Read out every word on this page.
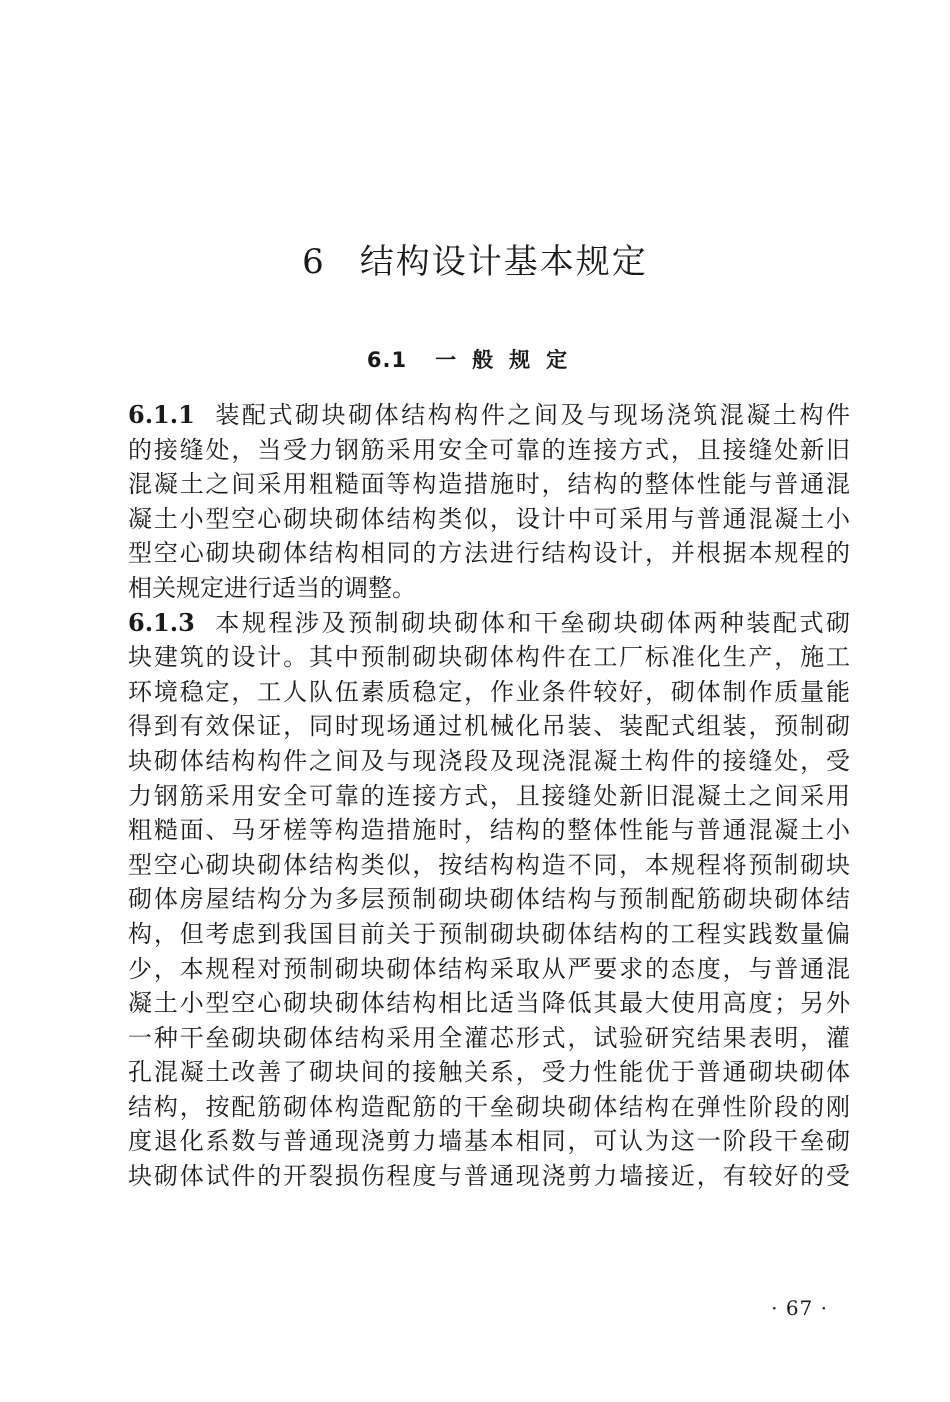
6 结构设计基本规定
6.1 一般规定
6.1.1 装配式砌块砌体结构构件之间及与现场浇筑混凝土构件
的接缝处，当受力钢筋采用安全可靠的连接方式，且接缝处新旧
混凝土之间采用粗糙面等构造措施时，结构的整体性能与普通混
凝土小型空心砌块砌体结构类似，设计中可采用与普通混凝土小
型空心砌块砌体结构相同的方法进行结构设计，并根据本规程的
相关规定进行适当的调整。
6.1.3 本规程涉及预制砌块砌体和干垒砌块砌体两种装配式砌
块建筑的设计。其中预制砌块砌体构件在工厂标准化生产，施工
环境稳定，工人队伍素质稳定，作业条件较好，砌体制作质量能
得到有效保证，同时现场通过机械化吊装、装配式组装，预制砌
块砌体结构构件之间及与现浇段及现浇混凝土构件的接缝处，受
力钢筋采用安全可靠的连接方式，且接缝处新旧混凝土之间采用
粗糙面、马牙槎等构造措施时，结构的整体性能与普通混凝土小
型空心砌块砌体结构类似，按结构构造不同，本规程将预制砌块
砌体房屋结构分为多层预制砌块砌体结构与预制配筋砌块砌体结
构，但考虑到我国目前关于预制砌块砌体结构的工程实践数量偏
少，本规程对预制砌块砌体结构采取从严要求的态度，与普通混
凝土小型空心砌块砌体结构相比适当降低其最大使用高度；另外
一种干垒砌块砌体结构采用全灌芯形式，试验研究结果表明，灌
孔混凝土改善了砌块间的接触关系，受力性能优于普通砌块砌体
结构，按配筋砌体构造配筋的干垒砌块砌体结构在弹性阶段的刚
度退化系数与普通现浇剪力墙基本相同，可认为这一阶段干垒砌
块砌体试件的开裂损伤程度与普通现浇剪力墙接近，有较好的受
· 67 ·
